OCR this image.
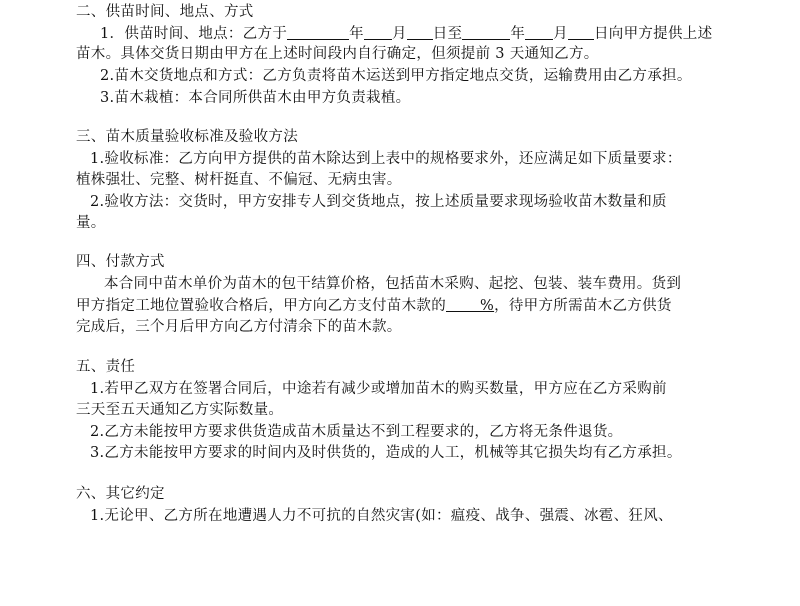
二、供苗时间、地点、方式
1．供苗时间、地点：乙方于	年 月 日至	年 月 日向甲方提供上述
苗木。具体交货日期由甲方在上述时间段内自行确定，但须提前 3 天通知乙方。
2.苗木交货地点和方式：乙方负责将苗木运送到甲方指定地点交货，运输费用由乙方承担。
3.苗木栽植：本合同所供苗木由甲方负责栽植。
三、苗木质量验收标准及验收方法
1.验收标准：乙方向甲方提供的苗木除达到上表中的规格要求外，还应满足如下质量要求：
植株强壮、完整、树杆挺直、不偏冠、无病虫害。
2.验收方法：交货时，甲方安排专人到交货地点，按上述质量要求现场验收苗木数量和质
量。
四、付款方式
本合同中苗木单价为苗木的包干结算价格，包括苗木采购、起挖、包装、装车费用。货到
甲方指定工地位置验收合格后，甲方向乙方支付苗木款的 %，待甲方所需苗木乙方供货
完成后，三个月后甲方向乙方付清余下的苗木款。
五、责任
1.若甲乙双方在签署合同后，中途若有减少或增加苗木的购买数量，甲方应在乙方采购前
三天至五天通知乙方实际数量。
2.乙方未能按甲方要求供货造成苗木质量达不到工程要求的，乙方将无条件退货。
3.乙方未能按甲方要求的时间内及时供货的，造成的人工，机械等其它损失均有乙方承担。
六、其它约定
1.无论甲、乙方所在地遭遇人力不可抗的自然灾害(如：瘟疫、战争、强震、冰雹、狂风、
